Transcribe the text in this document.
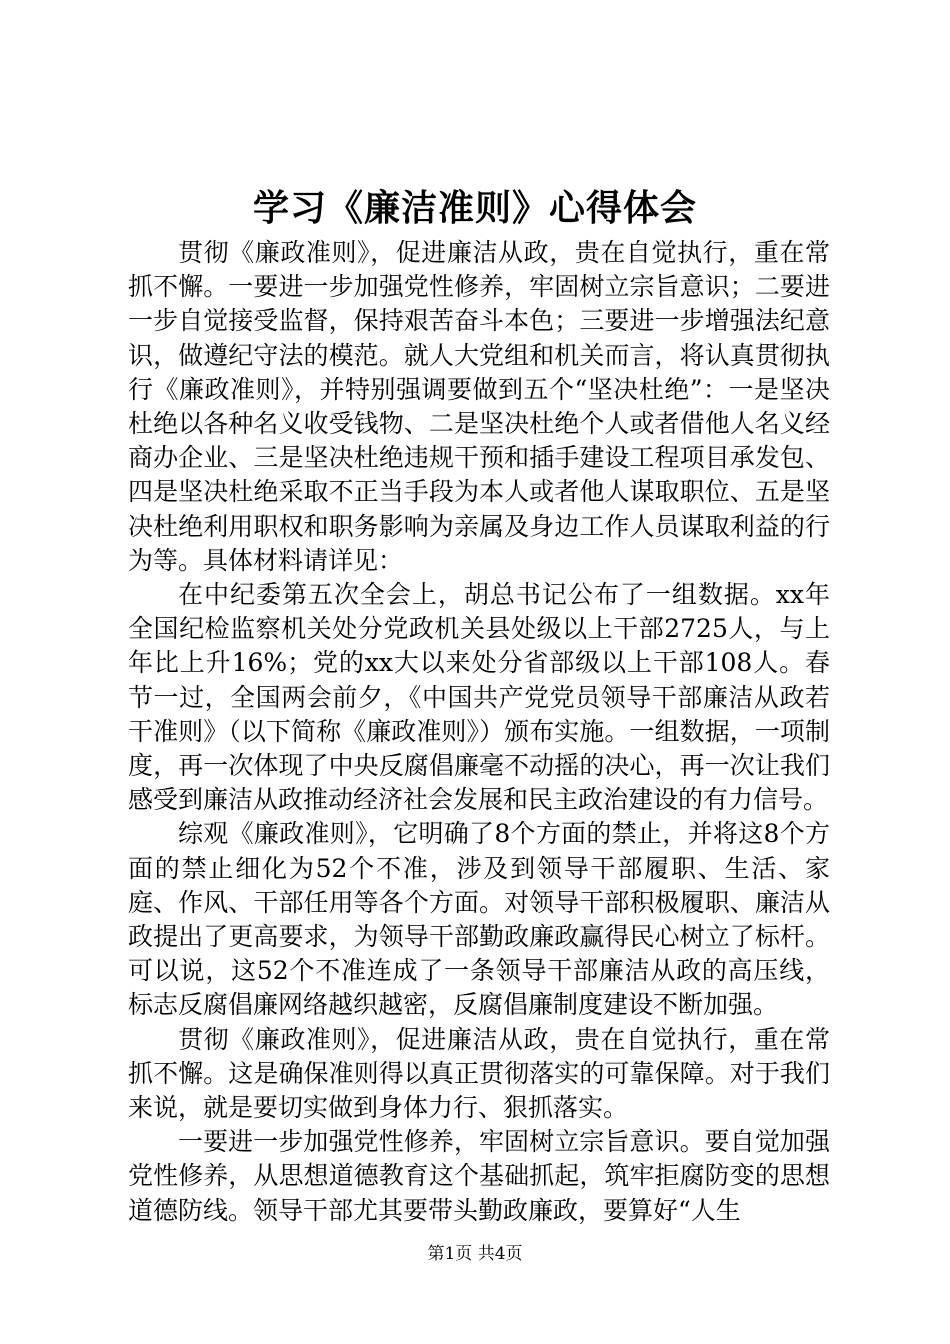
学习《廉洁准则》心得体会

贯彻《廉政准则》，促进廉洁从政，贵在自觉执行，重在常抓不懈。一要进一步加强党性修养，牢固树立宗旨意识；二要进一步自觉接受监督，保持艰苦奋斗本色；三要进一步增强法纪意识，做遵纪守法的模范。就人大党组和机关而言，将认真贯彻执行《廉政准则》，并特别强调要做到五个“坚决杜绝”：一是坚决杜绝以各种名义收受钱物、二是坚决杜绝个人或者借他人名义经商办企业、三是坚决杜绝违规干预和插手建设工程项目承发包、四是坚决杜绝采取不正当手段为本人或者他人谋取职位、五是坚决杜绝利用职权和职务影响为亲属及身边工作人员谋取利益的行为等。具体材料请详见：

在中纪委第五次全会上，胡总书记公布了一组数据。xx年全国纪检监察机关处分党政机关县处级以上干部2725人，与上年比上升16%；党的xx大以来处分省部级以上干部108人。春节一过，全国两会前夕，《中国共产党党员领导干部廉洁从政若干准则》（以下简称《廉政准则》）颁布实施。一组数据，一项制度，再一次体现了中央反腐倡廉毫不动摇的决心，再一次让我们感受到廉洁从政推动经济社会发展和民主政治建设的有力信号。

综观《廉政准则》，它明确了8个方面的禁止，并将这8个方面的禁止细化为52个不准，涉及到领导干部履职、生活、家庭、作风、干部任用等各个方面。对领导干部积极履职、廉洁从政提出了更高要求，为领导干部勤政廉政赢得民心树立了标杆。可以说，这52个不准连成了一条领导干部廉洁从政的高压线，标志反腐倡廉网络越织越密，反腐倡廉制度建设不断加强。

贯彻《廉政准则》，促进廉洁从政，贵在自觉执行，重在常抓不懈。这是确保准则得以真正贯彻落实的可靠保障。对于我们来说，就是要切实做到身体力行、狠抓落实。

一要进一步加强党性修养，牢固树立宗旨意识。要自觉加强党性修养，从思想道德教育这个基础抓起，筑牢拒腐防变的思想道德防线。领导干部尤其要带头勤政廉政，要算好“人生

第1页 共4页
